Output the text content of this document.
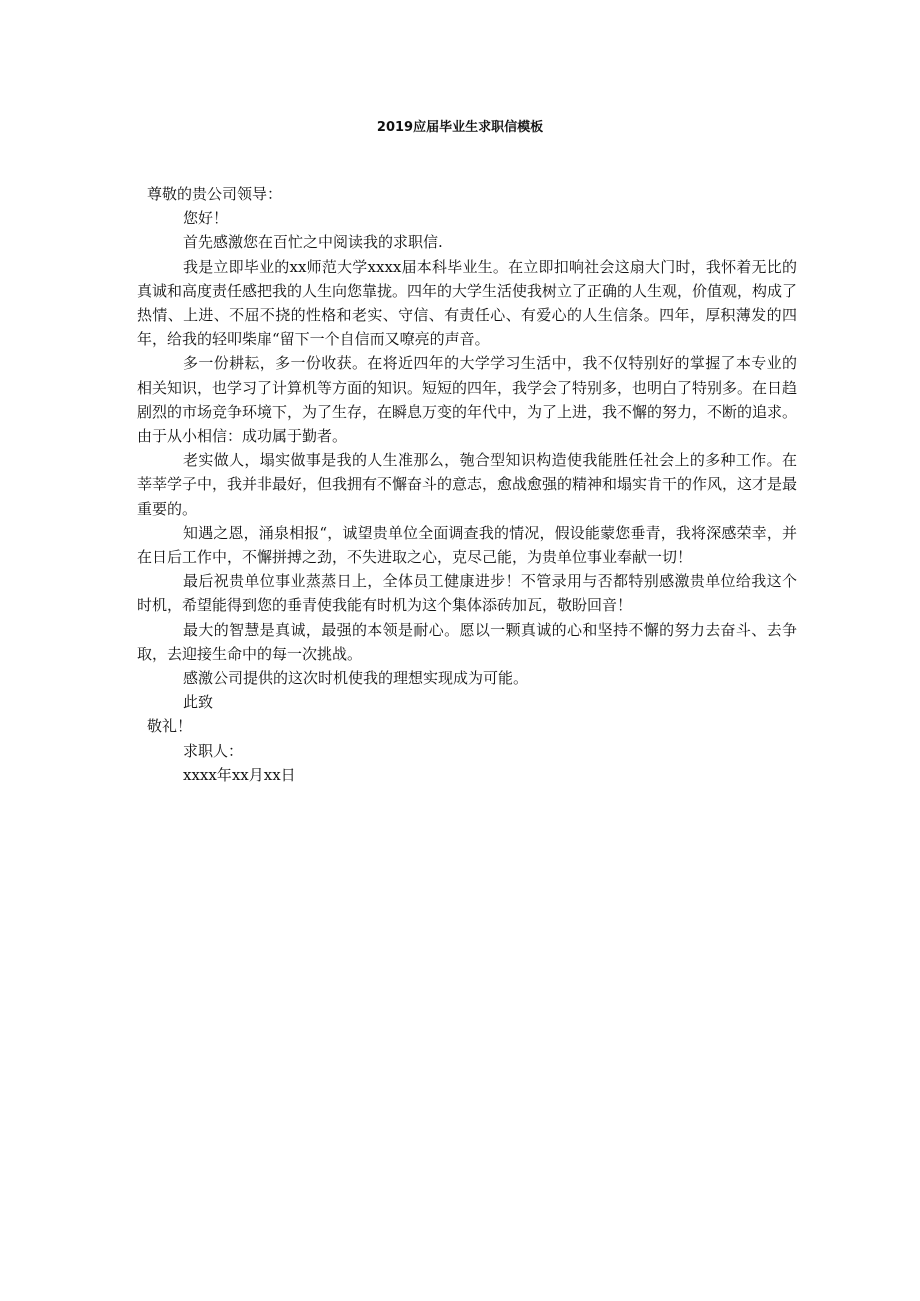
2019应届毕业生求职信模板

尊敬的贵公司领导：

您好！

首先感激您在百忙之中阅读我的求职信.

我是立即毕业的xx师范大学xxxx届本科毕业生。在立即扣响社会这扇大门时，我怀着无比的真诚和高度责任感把我的人生向您靠拢。四年的大学生活使我树立了正确的人生观，价值观，构成了热情、上进、不屈不挠的性格和老实、守信、有责任心、有爱心的人生信条。四年，厚积薄发的四年，给我的轻叩柴扉“留下一个自信而又嘹亮的声音。

多一份耕耘，多一份收获。在将近四年的大学学习生活中，我不仅特别好的掌握了本专业的相关知识，也学习了计算机等方面的知识。短短的四年，我学会了特别多，也明白了特别多。在日趋剧烈的市场竞争环境下，为了生存，在瞬息万变的年代中，为了上进，我不懈的努力，不断的追求。由于从小相信：成功属于勤者。

老实做人，塌实做事是我的人生准那么，匏合型知识构造使我能胜任社会上的多种工作。在莘莘学子中，我并非最好，但我拥有不懈奋斗的意志，愈战愈强的精神和塌实肯干的作风，这才是最重要的。

知遇之恩，涌泉相报“，诚望贵单位全面调查我的情况，假设能蒙您垂青，我将深感荣幸，并在日后工作中，不懈拼搏之劲，不失进取之心，克尽己能，为贵单位事业奉献一切！

最后祝贵单位事业蒸蒸日上，全体员工健康进步！不管录用与否都特别感激贵单位给我这个时机，希望能得到您的垂青使我能有时机为这个集体添砖加瓦，敬盼回音！

最大的智慧是真诚，最强的本领是耐心。愿以一颗真诚的心和坚持不懈的努力去奋斗、去争取，去迎接生命中的每一次挑战。

感激公司提供的这次时机使我的理想实现成为可能。

此致

敬礼！

求职人：

xxxx年xx月xx日
